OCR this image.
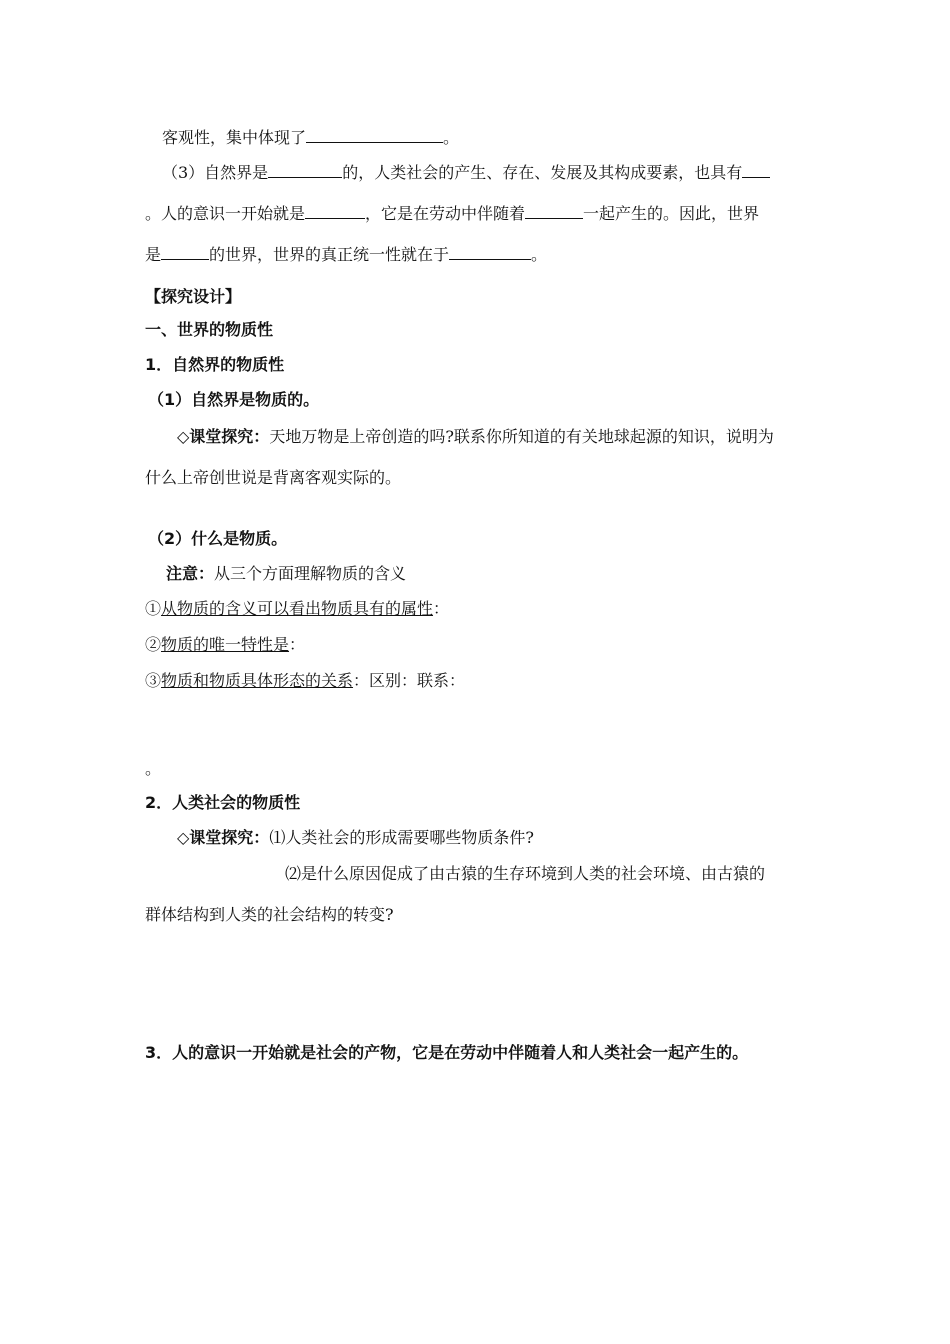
客观性，集中体现了	。
（3）自然界是	的，人类社会的产生、存在、发展及其构成要素，也具有
。人的意识一开始就是	，它是在劳动中伴随着	一起产生的。因此，世界
是	的世界，世界的真正统一性就在于	。
【探究设计】
一、世界的物质性
1．自然界的物质性
（1）自然界是物质的。
◇课堂探究：天地万物是上帝创造的吗?联系你所知道的有关地球起源的知识，说明为
什么上帝创世说是背离客观实际的。
（2）什么是物质。
注意：从三个方面理解物质的含义
①从物质的含义可以看出物质具有的属性：
②物质的唯一特性是：
③物质和物质具体形态的关系：区别：联系：
。
2．人类社会的物质性
◇课堂探究：⑴人类社会的形成需要哪些物质条件?
⑵是什么原因促成了由古猿的生存环境到人类的社会环境、由古猿的
群体结构到人类的社会结构的转变?
3．人的意识一开始就是社会的产物，它是在劳动中伴随着人和人类社会一起产生的。
